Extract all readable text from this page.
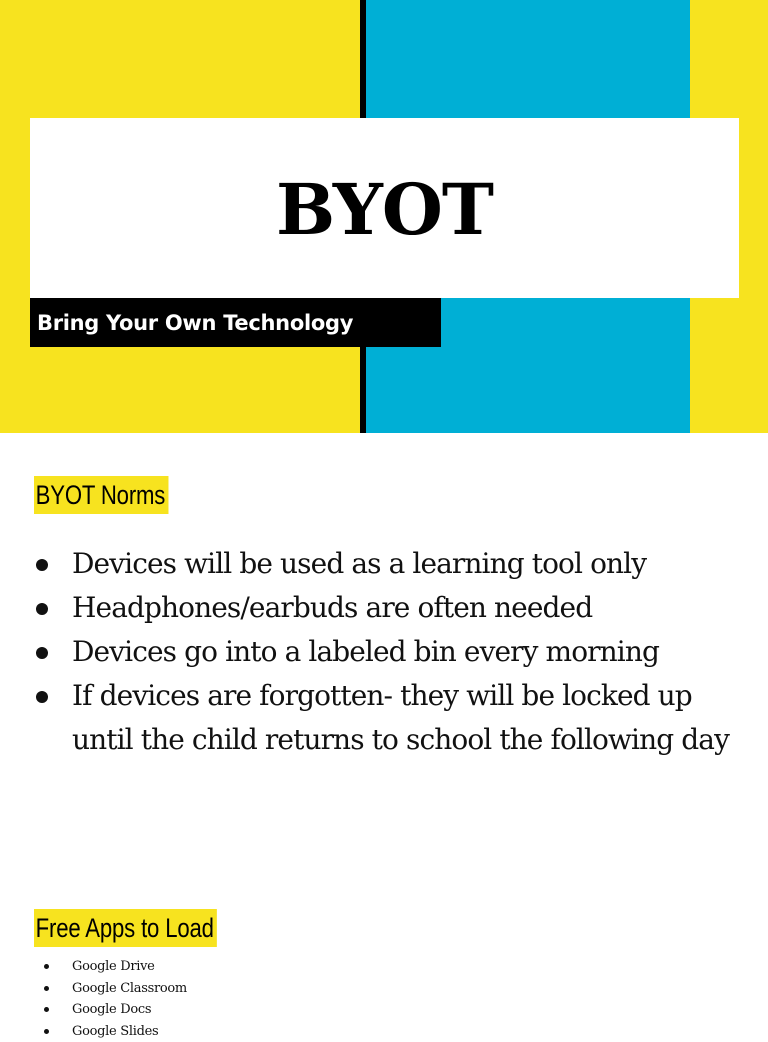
BYOT
Bring Your Own Technology
BYOT Norms
Devices will be used as a learning tool only
Headphones/earbuds are often needed
Devices go into a labeled bin every morning
If devices are forgotten- they will be locked up until the child returns to school the following day
Free Apps to Load
Google Drive
Google Classroom
Google Docs
Google Slides
